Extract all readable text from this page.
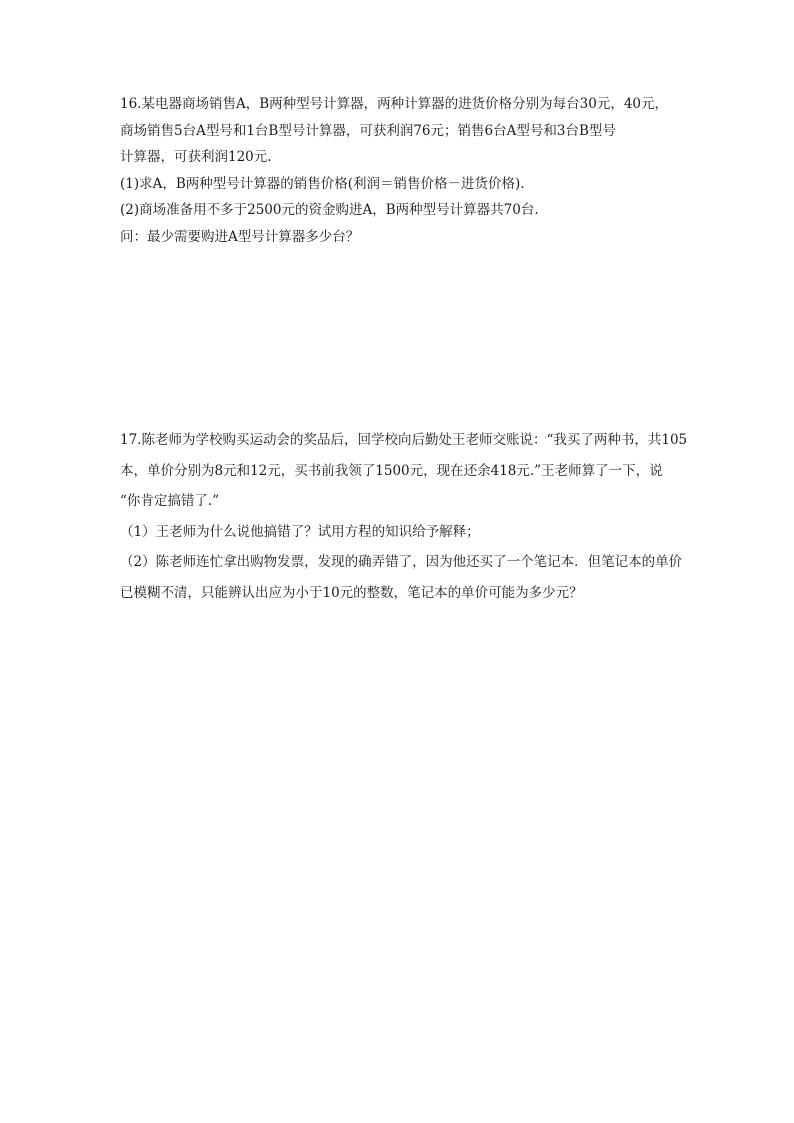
16.某电器商场销售A，B两种型号计算器，两种计算器的进货价格分别为每台30元，40元，
商场销售5台A型号和1台B型号计算器，可获利润76元；销售6台A型号和3台B型号
计算器，可获利润120元.
(1)求A，B两种型号计算器的销售价格(利润＝销售价格－进货价格).
(2)商场准备用不多于2500元的资金购进A，B两种型号计算器共70台.
问：最少需要购进A型号计算器多少台？
17.陈老师为学校购买运动会的奖品后，回学校向后勤处王老师交账说：“我买了两种书，共105
本，单价分别为8元和12元，买书前我领了1500元，现在还余418元.”王老师算了一下，说
“你肯定搞错了.”
（1）王老师为什么说他搞错了？试用方程的知识给予解释；
（2）陈老师连忙拿出购物发票，发现的确弄错了，因为他还买了一个笔记本．但笔记本的单价
已模糊不清，只能辨认出应为小于10元的整数，笔记本的单价可能为多少元？
